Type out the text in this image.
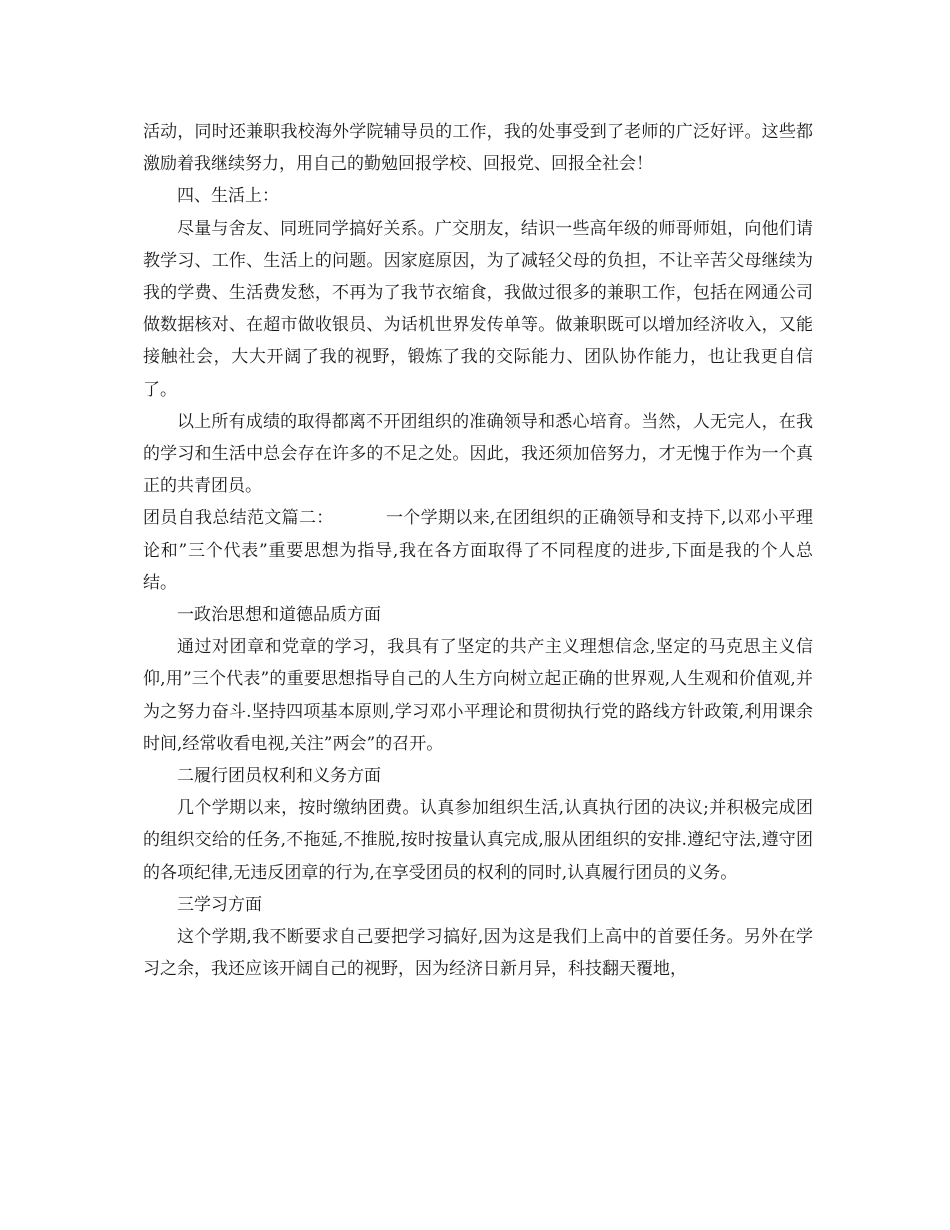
活动，同时还兼职我校海外学院辅导员的工作，我的处事受到了老师的广泛好评。这些都激励着我继续努力，用自己的勤勉回报学校、回报党、回报全社会！

四、生活上：

尽量与舍友、同班同学搞好关系。广交朋友，结识一些高年级的师哥师姐，向他们请教学习、工作、生活上的问题。因家庭原因，为了减轻父母的负担，不让辛苦父母继续为我的学费、生活费发愁，不再为了我节衣缩食，我做过很多的兼职工作，包括在网通公司做数据核对、在超市做收银员、为话机世界发传单等。做兼职既可以增加经济收入，又能接触社会，大大开阔了我的视野，锻炼了我的交际能力、团队协作能力，也让我更自信了。

以上所有成绩的取得都离不开团组织的准确领导和悉心培育。当然，人无完人，在我的学习和生活中总会存在许多的不足之处。因此，我还须加倍努力，才无愧于作为一个真正的共青团员。

团员自我总结范文篇二：	一个学期以来,在团组织的正确领导和支持下,以邓小平理论和”三个代表”重要思想为指导,我在各方面取得了不同程度的进步,下面是我的个人总结。

一政治思想和道德品质方面

通过对团章和党章的学习，我具有了坚定的共产主义理想信念,坚定的马克思主义信仰,用”三个代表”的重要思想指导自己的人生方向树立起正确的世界观,人生观和价值观,并为之努力奋斗.坚持四项基本原则,学习邓小平理论和贯彻执行党的路线方针政策,利用课余时间,经常收看电视,关注”两会”的召开。

二履行团员权利和义务方面

几个学期以来，按时缴纳团费。认真参加组织生活,认真执行团的决议;并积极完成团的组织交给的任务,不拖延,不推脱,按时按量认真完成,服从团组织的安排.遵纪守法,遵守团的各项纪律,无违反团章的行为,在享受团员的权利的同时,认真履行团员的义务。

三学习方面

这个学期,我不断要求自己要把学习搞好,因为这是我们上高中的首要任务。另外在学习之余，我还应该开阔自己的视野，因为经济日新月异，科技翻天覆地，
